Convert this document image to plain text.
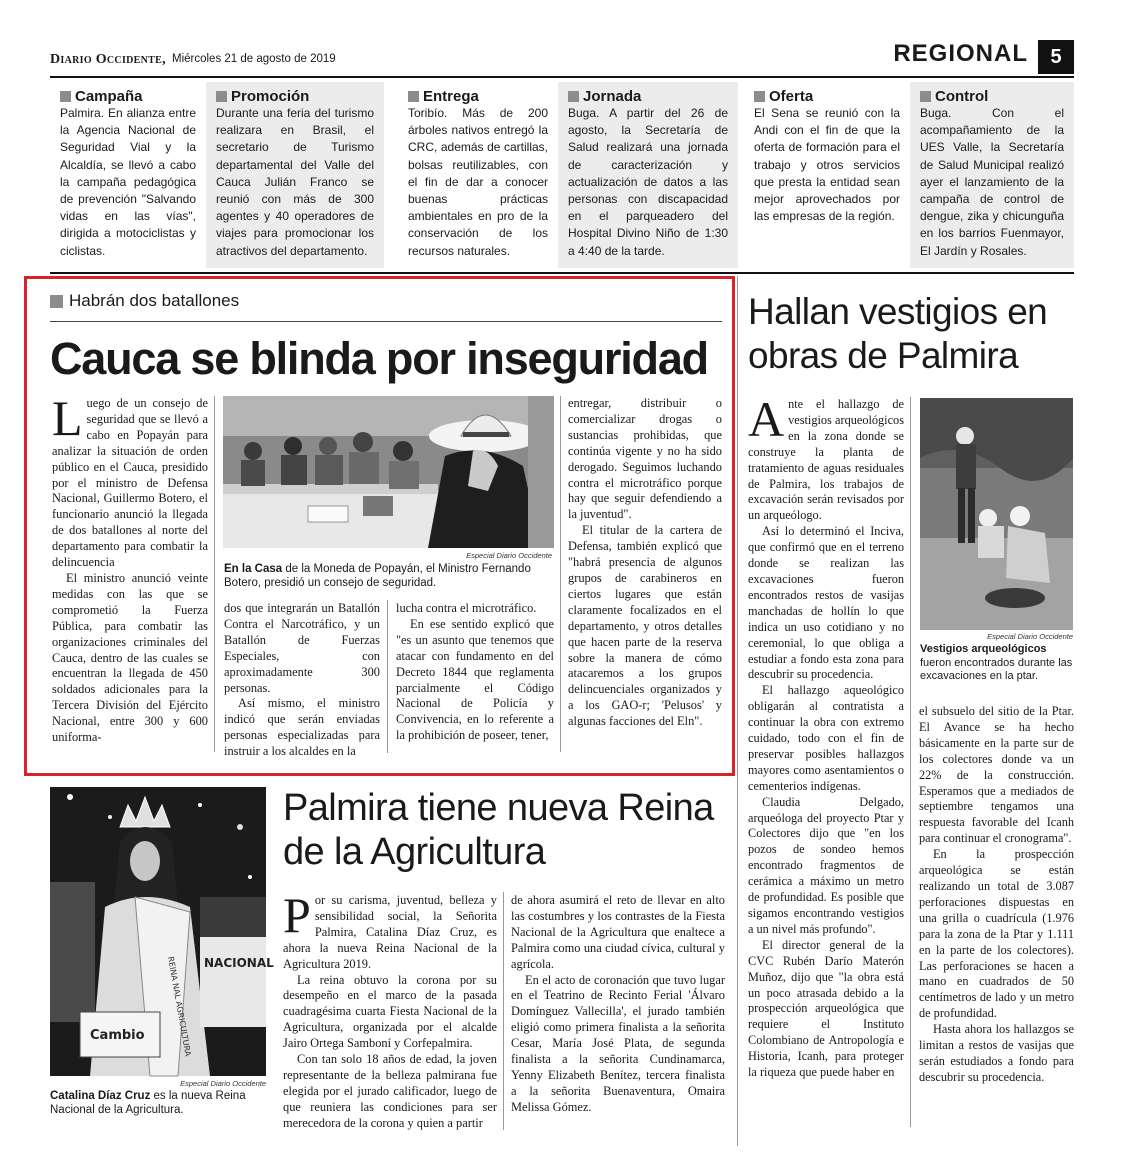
Diario Occidente, Miércoles 21 de agosto de 2019	REGIONAL	5
Campaña
Palmira. En alianza entre la Agencia Nacional de Seguridad Vial y la Alcaldía, se llevó a cabo la campaña pedagógica de prevención "Salvando vidas en las vías", dirigida a motociclistas y ciclistas.
Promoción
Durante una feria del turismo realizara en Brasil, el secretario de Turismo departamental del Valle del Cauca Julián Franco se reunió con más de 300 agentes y 40 operadores de viajes para promocionar los atractivos del departamento.
Entrega
Toribío. Más de 200 árboles nativos entregó la CRC, además de cartillas, bolsas reutilizables, con el fin de dar a conocer buenas prácticas ambientales en pro de la conservación de los recursos naturales.
Jornada
Buga. A partir del 26 de agosto, la Secretaría de Salud realizará una jornada de caracterización y actualización de datos a las personas con discapacidad en el parqueadero del Hospital Divino Niño de 1:30 a 4:40 de la tarde.
Oferta
El Sena se reunió con la Andi con el fin de que la oferta de formación para el trabajo y otros servicios que presta la entidad sean mejor aprovechados por las empresas de la región.
Control
Buga. Con el acompañamiento de la UES Valle, la Secretaría de Salud Municipal realizó ayer el lanzamiento de la campaña de control de dengue, zika y chicunguña en los barrios Fuenmayor, El Jardín y Rosales.
Habrán dos batallones
Cauca se blinda por inseguridad

Luego de un consejo de seguridad que se llevó a cabo en Popayán para analizar la situación de orden público en el Cauca, presidido por el ministro de Defensa Nacional, Guillermo Botero, el funcionario anunció la llegada de dos batallones al norte del departamento para combatir la delincuencia

El ministro anunció veinte medidas con las que se comprometió la Fuerza Pública, para combatir las organizaciones criminales del Cauca, dentro de las cuales se encuentran la llegada de 450 soldados adicionales para la Tercera División del Ejército Nacional, entre 300 y 600 uniforma-

Especial Diario Occidente
En la Casa de la Moneda de Popayán, el Ministro Fernando Botero, presidió un consejo de seguridad.

dos que integrarán un Batallón Contra el Narcotráfico, y un Batallón de Fuerzas Especiales, con aproximadamente 300 personas.

Así mismo, el ministro indicó que serán enviadas personas especializadas para instruir a los alcaldes en la

lucha contra el microtráfico.

En ese sentido explicó que "es un asunto que tenemos que atacar con fundamento en del Decreto 1844 que reglamenta parcialmente el Código Nacional de Policía y Convivencia, en lo referente a la prohibición de poseer, tener,

entregar, distribuir o comercializar drogas o sustancias prohibidas, que continúa vigente y no ha sido derogado. Seguimos luchando contra el microtráfico porque hay que seguir defendiendo a la juventud".

El titular de la cartera de Defensa, también explicó que "habrá presencia de algunos grupos de carabineros en ciertos lugares que están claramente focalizados en el departamento, y otros detalles que hacen parte de la reserva sobre la manera de cómo atacaremos a los grupos delincuenciales organizados y a los GAO-r; 'Pelusos' y algunas facciones del Eln".

Hallan vestigios en obras de Palmira

Ante el hallazgo de vestigios arqueológicos en la zona donde se construye la planta de tratamiento de aguas residuales de Palmira, los trabajos de excavación serán revisados por un arqueólogo.

Así lo determinó el Inciva, que confirmó que en el terreno donde se realizan las excavaciones fueron encontrados restos de vasijas manchadas de hollín lo que indica un uso cotidiano y no ceremonial, lo que obliga a estudiar a fondo esta zona para descubrir su procedencia.

El hallazgo aqueológico obligarán al contratista a continuar la obra con extremo cuidado, todo con el fin de preservar posibles hallazgos mayores como asentamientos o cementerios indígenas.

Claudia Delgado, arqueóloga del proyecto Ptar y Colectores dijo que "en los pozos de sondeo hemos encontrado fragmentos de cerámica a máximo un metro de profundidad. Es posible que sigamos encontrando vestigios a un nivel más profundo".

El director general de la CVC Rubén Darío Materón Muñoz, dijo que "la obra está un poco atrasada debido a la prospección arqueológica que requiere el Instituto Colombiano de Antropología e Historia, Icanh, para proteger la riqueza que puede haber en

Especial Diario Occidente
Vestigios arqueológicos fueron encontrados durante las excavaciones en la ptar.

el subsuelo del sitio de la Ptar. El Avance se ha hecho básicamente en la parte sur de los colectores donde va un 22% de la construcción. Esperamos que a mediados de septiembre tengamos una respuesta favorable del Icanh para continuar el cronograma".

En la prospección arqueológica se están realizando un total de 3.087 perforaciones dispuestas en una grilla o cuadrícula (1.976 para la zona de la Ptar y 1.111 en la parte de los colectores). Las perforaciones se hacen a mano en cuadrados de 50 centímetros de lado y un metro de profundidad.

Hasta ahora los hallazgos se limitan a restos de vasijas que serán estudiados a fondo para descubrir su procedencia.

REINA NAL AGRICULTURA NACIONAL
Cambio
Especial Diario Occidente
Catalina Díaz Cruz es la nueva Reina Nacional de la Agricultura.
Palmira tiene nueva Reina de la Agricultura

Por su carisma, juventud, belleza y sensibilidad social, la Señorita Palmira, Catalina Díaz Cruz, es ahora la nueva Reina Nacional de la Agricultura 2019.

La reina obtuvo la corona por su desempeño en el marco de la pasada cuadragésima cuarta Fiesta Nacional de la Agricultura, organizada por el alcalde Jairo Ortega Samboní y Corfepalmira.

Con tan solo 18 años de edad, la joven representante de la belleza palmirana fue elegida por el jurado calificador, luego de que reuniera las condiciones para ser merecedora de la corona y quien a partir

de ahora asumirá el reto de llevar en alto las costumbres y los contrastes de la Fiesta Nacional de la Agricultura que enaltece a Palmira como una ciudad cívica, cultural y agrícola.

En el acto de coronación que tuvo lugar en el Teatrino de Recinto Ferial 'Álvaro Domínguez Vallecilla', el jurado también eligió como primera finalista a la señorita Cesar, María José Plata, de segunda finalista a la señorita Cundinamarca, Yenny Elizabeth Benítez, tercera finalista a la señorita Buenaventura, Omaira Melissa Gómez.
